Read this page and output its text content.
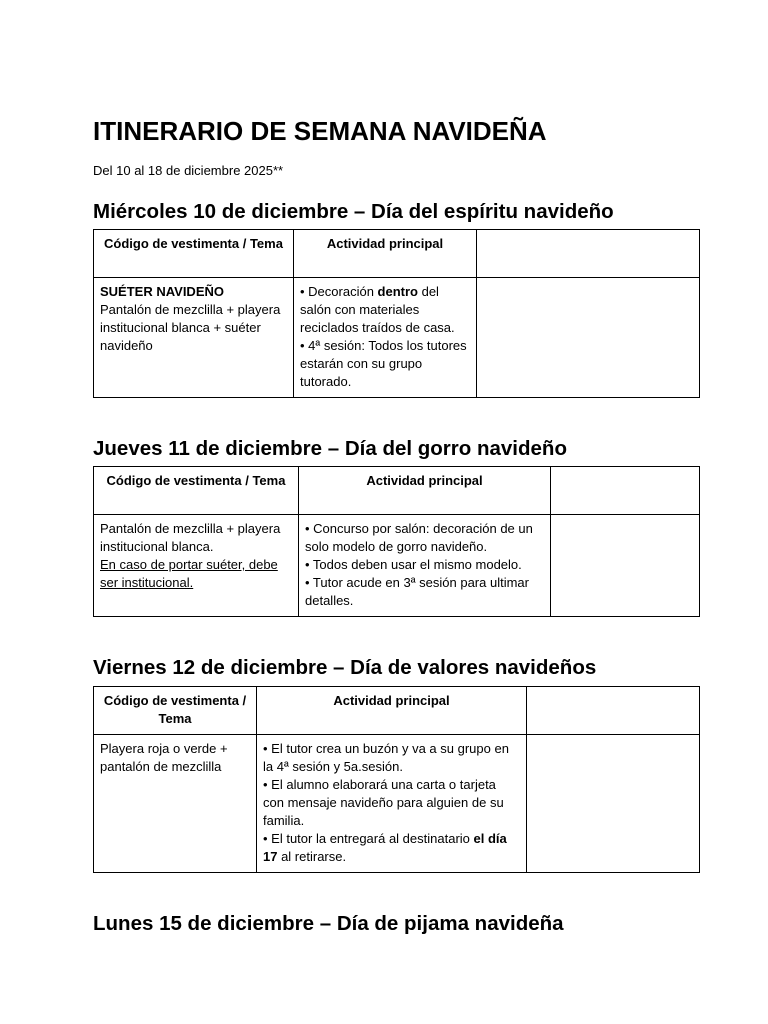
ITINERARIO DE SEMANA NAVIDEÑA

Del 10 al 18 de diciembre 2025**

Miércoles 10 de diciembre – Día del espíritu navideño
Código de vestimenta / Tema	Actividad principal	

SUÉTER NAVIDEÑO
Pantalón de mezclilla + playera institucional blanca + suéter navideño	• Decoración dentro del salón con materiales reciclados traídos de casa.
• 4ª sesión: Todos los tutores estarán con su grupo tutorado.	

Jueves 11 de diciembre – Día del gorro navideño
Código de vestimenta / Tema	Actividad principal	

Pantalón de mezclilla + playera institucional blanca.
En caso de portar suéter, debe ser institucional.	• Concurso por salón: decoración de un solo modelo de gorro navideño.
• Todos deben usar el mismo modelo.
• Tutor acude en 3ª sesión para ultimar detalles.	

Viernes 12 de diciembre – Día de valores navideños
Código de vestimenta / Tema	Actividad principal	

Playera roja o verde + pantalón de mezclilla	• El tutor crea un buzón y va a su grupo en la 4ª sesión y 5a.sesión.
• El alumno elaborará una carta o tarjeta con mensaje navideño para alguien de su familia.
• El tutor la entregará al destinatario el día 17 al retirarse.	

Lunes 15 de diciembre – Día de pijama navideña
